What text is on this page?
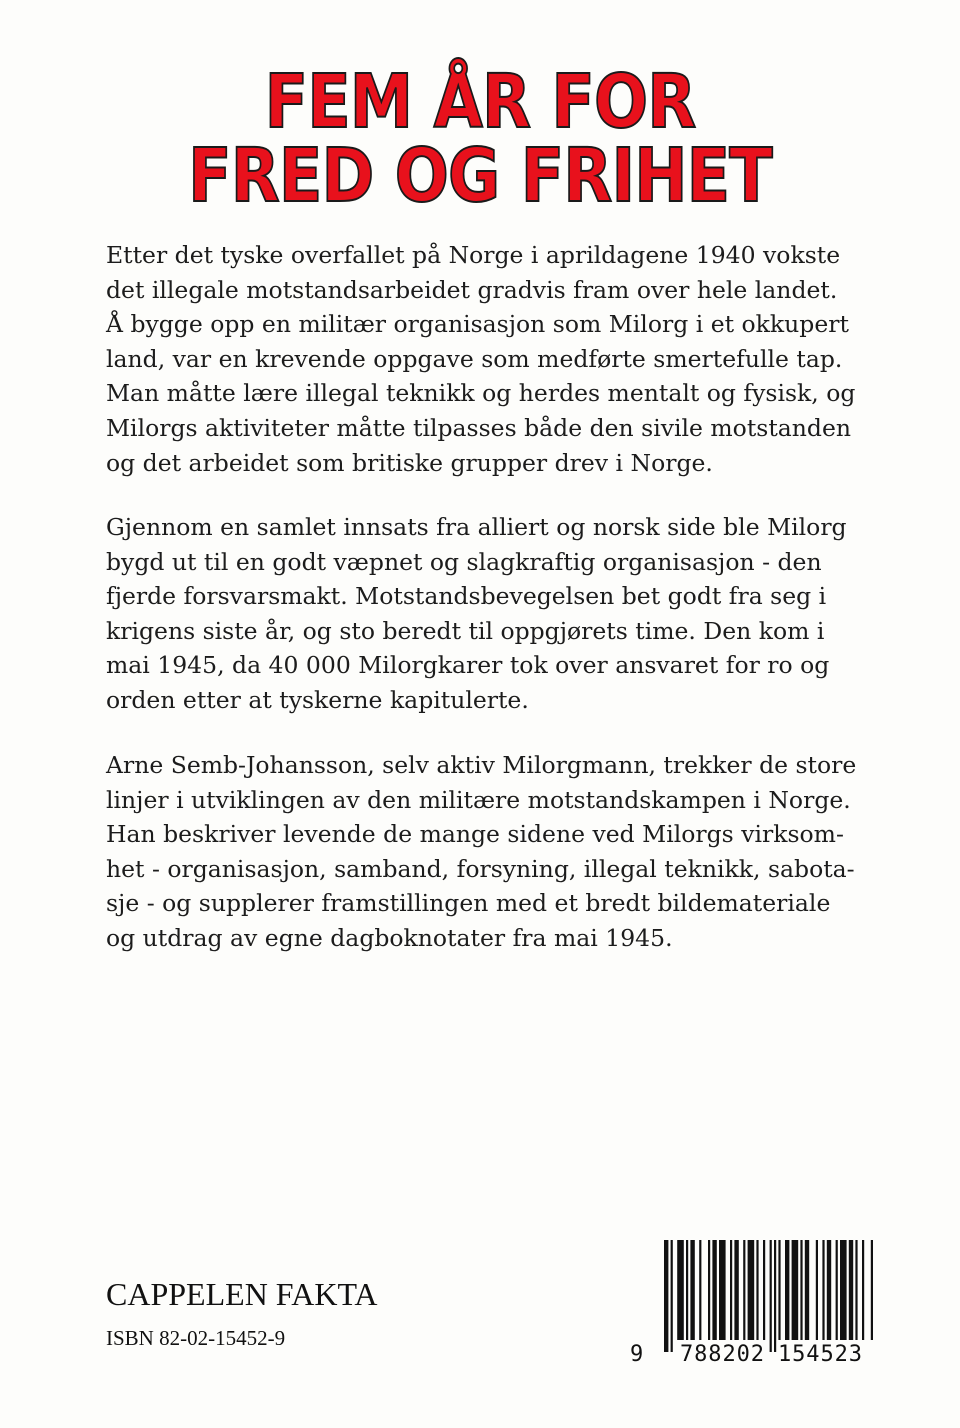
FEM ÅR FOR
FRED OG FRIHET
Etter det tyske overfallet på Norge i aprildagene 1940 vokste
det illegale motstandsarbeidet gradvis fram over hele landet.
Å bygge opp en militær organisasjon som Milorg i et okkupert
land, var en krevende oppgave som medførte smertefulle tap.
Man måtte lære illegal teknikk og herdes mentalt og fysisk, og
Milorgs aktiviteter måtte tilpasses både den sivile motstanden
og det arbeidet som britiske grupper drev i Norge.
Gjennom en samlet innsats fra alliert og norsk side ble Milorg
bygd ut til en godt væpnet og slagkraftig organisasjon - den
fjerde forsvarsmakt. Motstandsbevegelsen bet godt fra seg i
krigens siste år, og sto beredt til oppgjørets time. Den kom i
mai 1945, da 40 000 Milorgkarer tok over ansvaret for ro og
orden etter at tyskerne kapitulerte.
Arne Semb-Johansson, selv aktiv Milorgmann, trekker de store
linjer i utviklingen av den militære motstandskampen i Norge.
Han beskriver levende de mange sidene ved Milorgs virksom-
het - organisasjon, samband, forsyning, illegal teknikk, sabota-
sje - og supplerer framstillingen med et bredt bildemateriale
og utdrag av egne dagboknotater fra mai 1945.
CAPPELEN FAKTA
ISBN 82-02-15452-9
9 788202 154523
